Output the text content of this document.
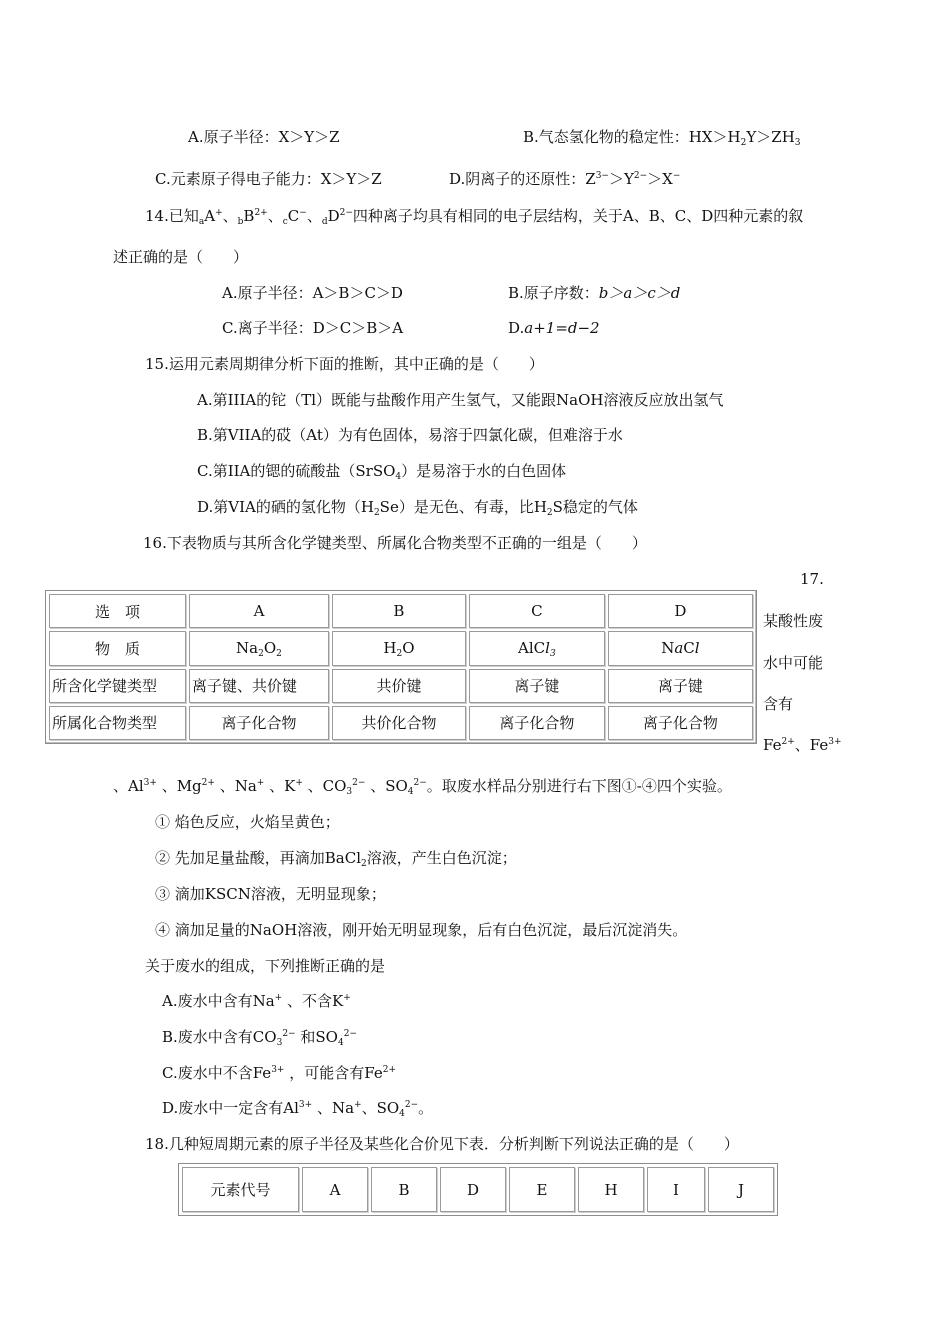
A.原子半径：X＞Y＞Z	B.气态氢化物的稳定性：$HX>H_2Y>ZH_3$
C.元素原子得电子能力：X＞Y＞Z	D.阴离子的还原性：$Z^{3-}>Y^{2-}>X^-$
14.已知$_a$A+、$_bB^{2+}$、$_c$C−、$_dD^{2-}$四种离子均具有相同的电子层结构，关于A、B、C、D四种元素的叙
述正确的是（　　）
A.原子半径：A＞B＞C＞D	B.原子序数：b＞a＞c＞d
C.离子半径：D＞C＞B＞A	D.a+1=d−2
15.运用元素周期律分析下面的推断，其中正确的是（　　）
A.第IIIA的铊（Tl）既能与盐酸作用产生氢气，又能跟NaOH溶液反应放出氢气
B.第VIIA的砹（At）为有色固体，易溶于四氯化碳，但难溶于水
C.第IIA的锶的硫酸盐（SrSO$_4$）是易溶于水的白色固体
D.第VIA的硒的氢化物$(H_2Se)$是无色、有毒，比$H_2S$稳定的气体
16.下表物质与其所含化学键类型、所属化合物类型不正确的一组是（　　）
选　项	A	B	C	D
物　质	$Na_2O_2$	$H_2O$	AlCl$_3$	NaCl
所含化学键类型	离子键、共价键	共价键	离子键	离子键
所属化合物类型	离子化合物	共价化合物	离子化合物	离子化合物
17.
某酸性废
水中可能
含有
$Fe^{2+}$、$Fe^{3+}$
、$Al^{3+}$ 、$Mg^{2+}$ 、Na+ 、K+ 、$CO_3^{2-}$ 、$SO_4^{2-}$。取废水样品分别进行右下图①-④四个实验。
① 焰色反应，火焰呈黄色；
② 先加足量盐酸，再滴加BaCl$_2$溶液，产生白色沉淀；
③ 滴加KSCN溶液，无明显现象；
④ 滴加足量的NaOH溶液，刚开始无明显现象，后有白色沉淀，最后沉淀消失。
关于废水的组成，下列推断正确的是
A.废水中含有Na+ 、不含K+
B.废水中含有$CO_3^{2-}$ 和$SO_4^{2-}$
C.废水中不含$Fe^{3+}$ ，可能含有$Fe^{2+}$
D.废水中一定含有$Al^{3+}$ 、Na+、$SO_4^{2-}$。
18.几种短周期元素的原子半径及某些化合价见下表．分析判断下列说法正确的是（　　）
元素代号	A	B	D	E	H	I	J
